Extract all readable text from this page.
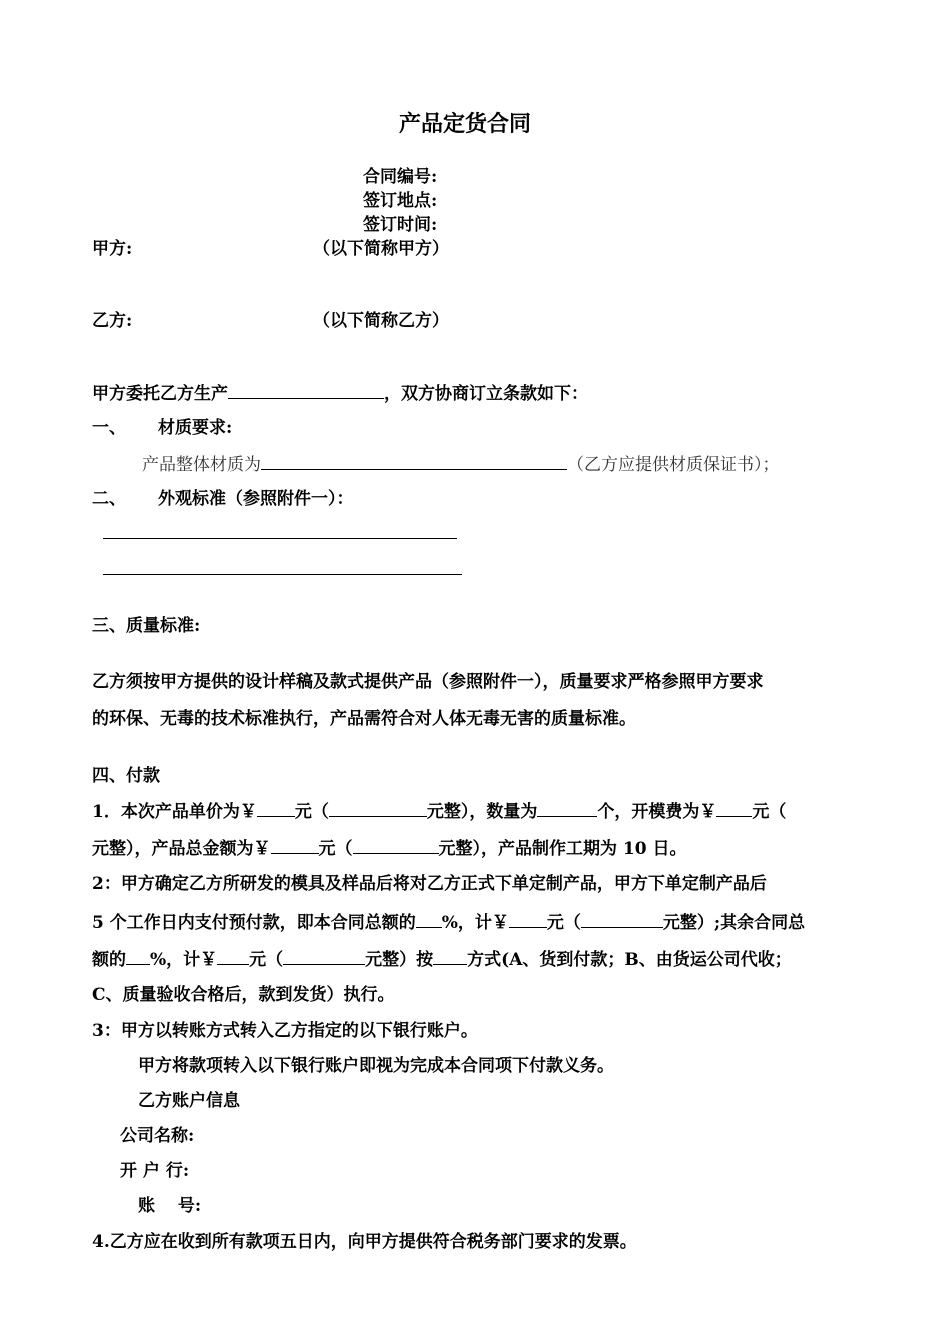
产品定货合同
合同编号:
签订地点:
签订时间:
甲方:	（以下简称甲方）
乙方:	（以下简称乙方）
甲方委托乙方生产	，双方协商订立条款如下：
一、 材质要求:
产品整体材质为	（乙方应提供材质保证书）；
二、 外观标准（参照附件一）：
三、质量标准:
乙方须按甲方提供的设计样稿及款式提供产品（参照附件一），质量要求严格参照甲方要求
的环保、无毒的技术标准执行，产品需符合对人体无毒无害的质量标准。
四、付款
1．本次产品单价为￥ 元（	元整），数量为	个，开模费为￥ 元（
元整），产品总金额为￥	元（	元整），产品制作工期为 10 日。
2：甲方确定乙方所研发的模具及样品后将对乙方正式下单定制产品，甲方下单定制产品后
5 个工作日内支付预付款，即本合同总额的 %，计￥ 元（	元整）;其余合同总
额的 %，计￥ 元（	元整）按 方式(A、货到付款；B、由货运公司代收；
C、质量验收合格后，款到发货）执行。
3：甲方以转账方式转入乙方指定的以下银行账户。
甲方将款项转入以下银行账户即视为完成本合同项下付款义务。
乙方账户信息
公司名称:
开 户 行:
账　 号:
4.乙方应在收到所有款项五日内，向甲方提供符合税务部门要求的发票。
